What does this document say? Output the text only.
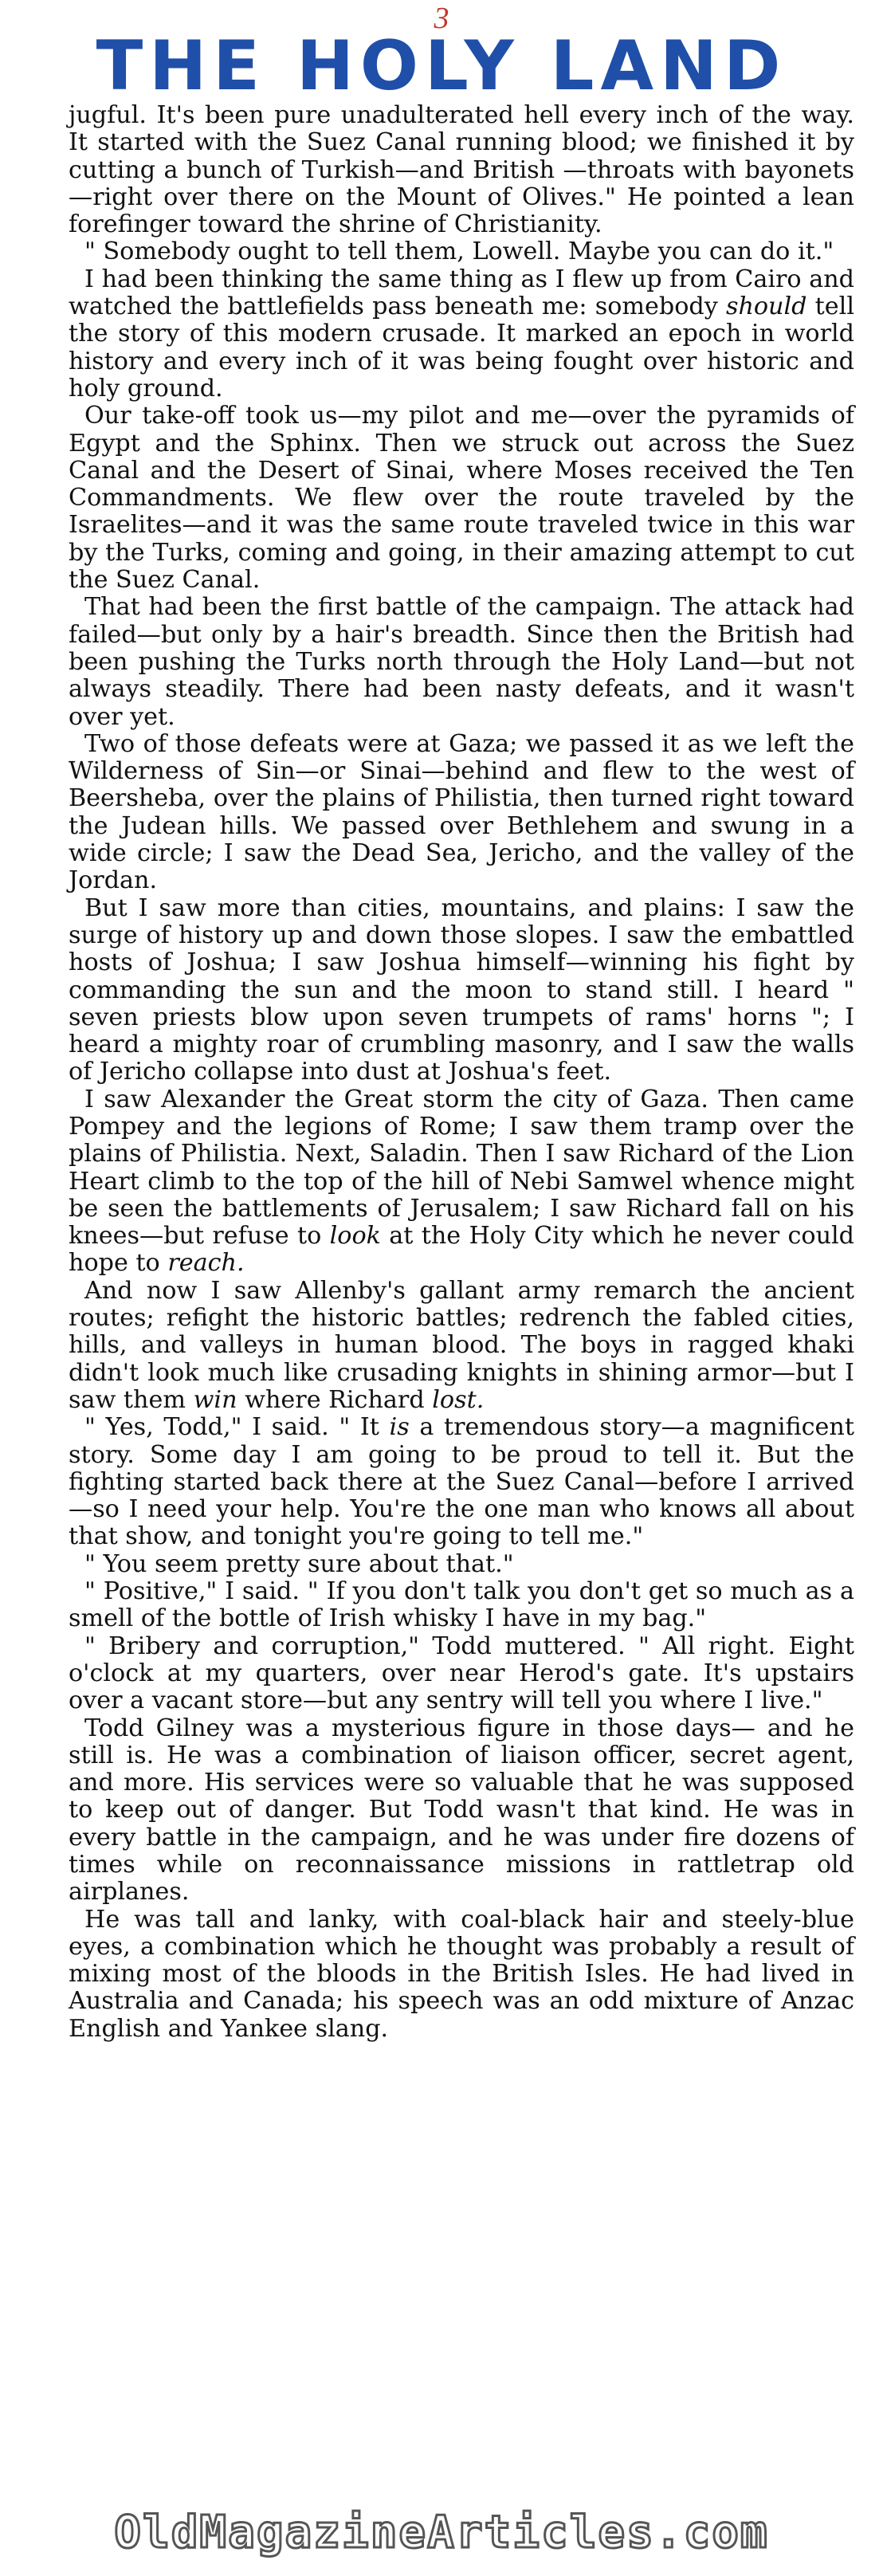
3
THE HOLY LAND

jugful. It's been pure unadulterated hell every inch of the way. It started with the Suez Canal running blood; we finished it by cutting a bunch of Turkish—and British —throats with bayonets—right over there on the Mount of Olives." He pointed a lean forefinger toward the shrine of Christianity.

" Somebody ought to tell them, Lowell. Maybe you can do it."

I had been thinking the same thing as I flew up from Cairo and watched the battlefields pass beneath me: somebody should tell the story of this modern crusade. It marked an epoch in world history and every inch of it was being fought over historic and holy ground.

Our take-off took us—my pilot and me—over the pyramids of Egypt and the Sphinx. Then we struck out across the Suez Canal and the Desert of Sinai, where Moses received the Ten Commandments. We flew over the route traveled by the Israelites—and it was the same route traveled twice in this war by the Turks, coming and going, in their amazing attempt to cut the Suez Canal.

That had been the first battle of the campaign. The attack had failed—but only by a hair's breadth. Since then the British had been pushing the Turks north through the Holy Land—but not always steadily. There had been nasty defeats, and it wasn't over yet.

Two of those defeats were at Gaza; we passed it as we left the Wilderness of Sin—or Sinai—behind and flew to the west of Beersheba, over the plains of Philistia, then turned right toward the Judean hills. We passed over Bethlehem and swung in a wide circle; I saw the Dead Sea, Jericho, and the valley of the Jordan.

But I saw more than cities, mountains, and plains: I saw the surge of history up and down those slopes. I saw the embattled hosts of Joshua; I saw Joshua himself—winning his fight by commanding the sun and the moon to stand still. I heard " seven priests blow upon seven trumpets of rams' horns "; I heard a mighty roar of crumbling masonry, and I saw the walls of Jericho collapse into dust at Joshua's feet.

I saw Alexander the Great storm the city of Gaza. Then came Pompey and the legions of Rome; I saw them tramp over the plains of Philistia. Next, Saladin. Then I saw Richard of the Lion Heart climb to the top of the hill of Nebi Samwel whence might be seen the battlements of Jerusalem; I saw Richard fall on his knees—but refuse to look at the Holy City which he never could hope to reach.

And now I saw Allenby's gallant army remarch the ancient routes; refight the historic battles; redrench the fabled cities, hills, and valleys in human blood. The boys in ragged khaki didn't look much like crusading knights in shining armor—but I saw them win where Richard lost.

" Yes, Todd," I said. " It is a tremendous story—a magnificent story. Some day I am going to be proud to tell it. But the fighting started back there at the Suez Canal—before I arrived—so I need your help. You're the one man who knows all about that show, and tonight you're going to tell me."

" You seem pretty sure about that."

" Positive," I said. " If you don't talk you don't get so much as a smell of the bottle of Irish whisky I have in my bag."

" Bribery and corruption," Todd muttered. " All right. Eight o'clock at my quarters, over near Herod's gate. It's upstairs over a vacant store—but any sentry will tell you where I live."

Todd Gilney was a mysterious figure in those days— and he still is. He was a combination of liaison officer, secret agent, and more. His services were so valuable that he was supposed to keep out of danger. But Todd wasn't that kind. He was in every battle in the campaign, and he was under fire dozens of times while on reconnaissance missions in rattletrap old airplanes.

He was tall and lanky, with coal-black hair and steely-blue eyes, a combination which he thought was probably a result of mixing most of the bloods in the British Isles. He had lived in Australia and Canada; his speech was an odd mixture of Anzac English and Yankee slang.

OldMagazineArticles.com
